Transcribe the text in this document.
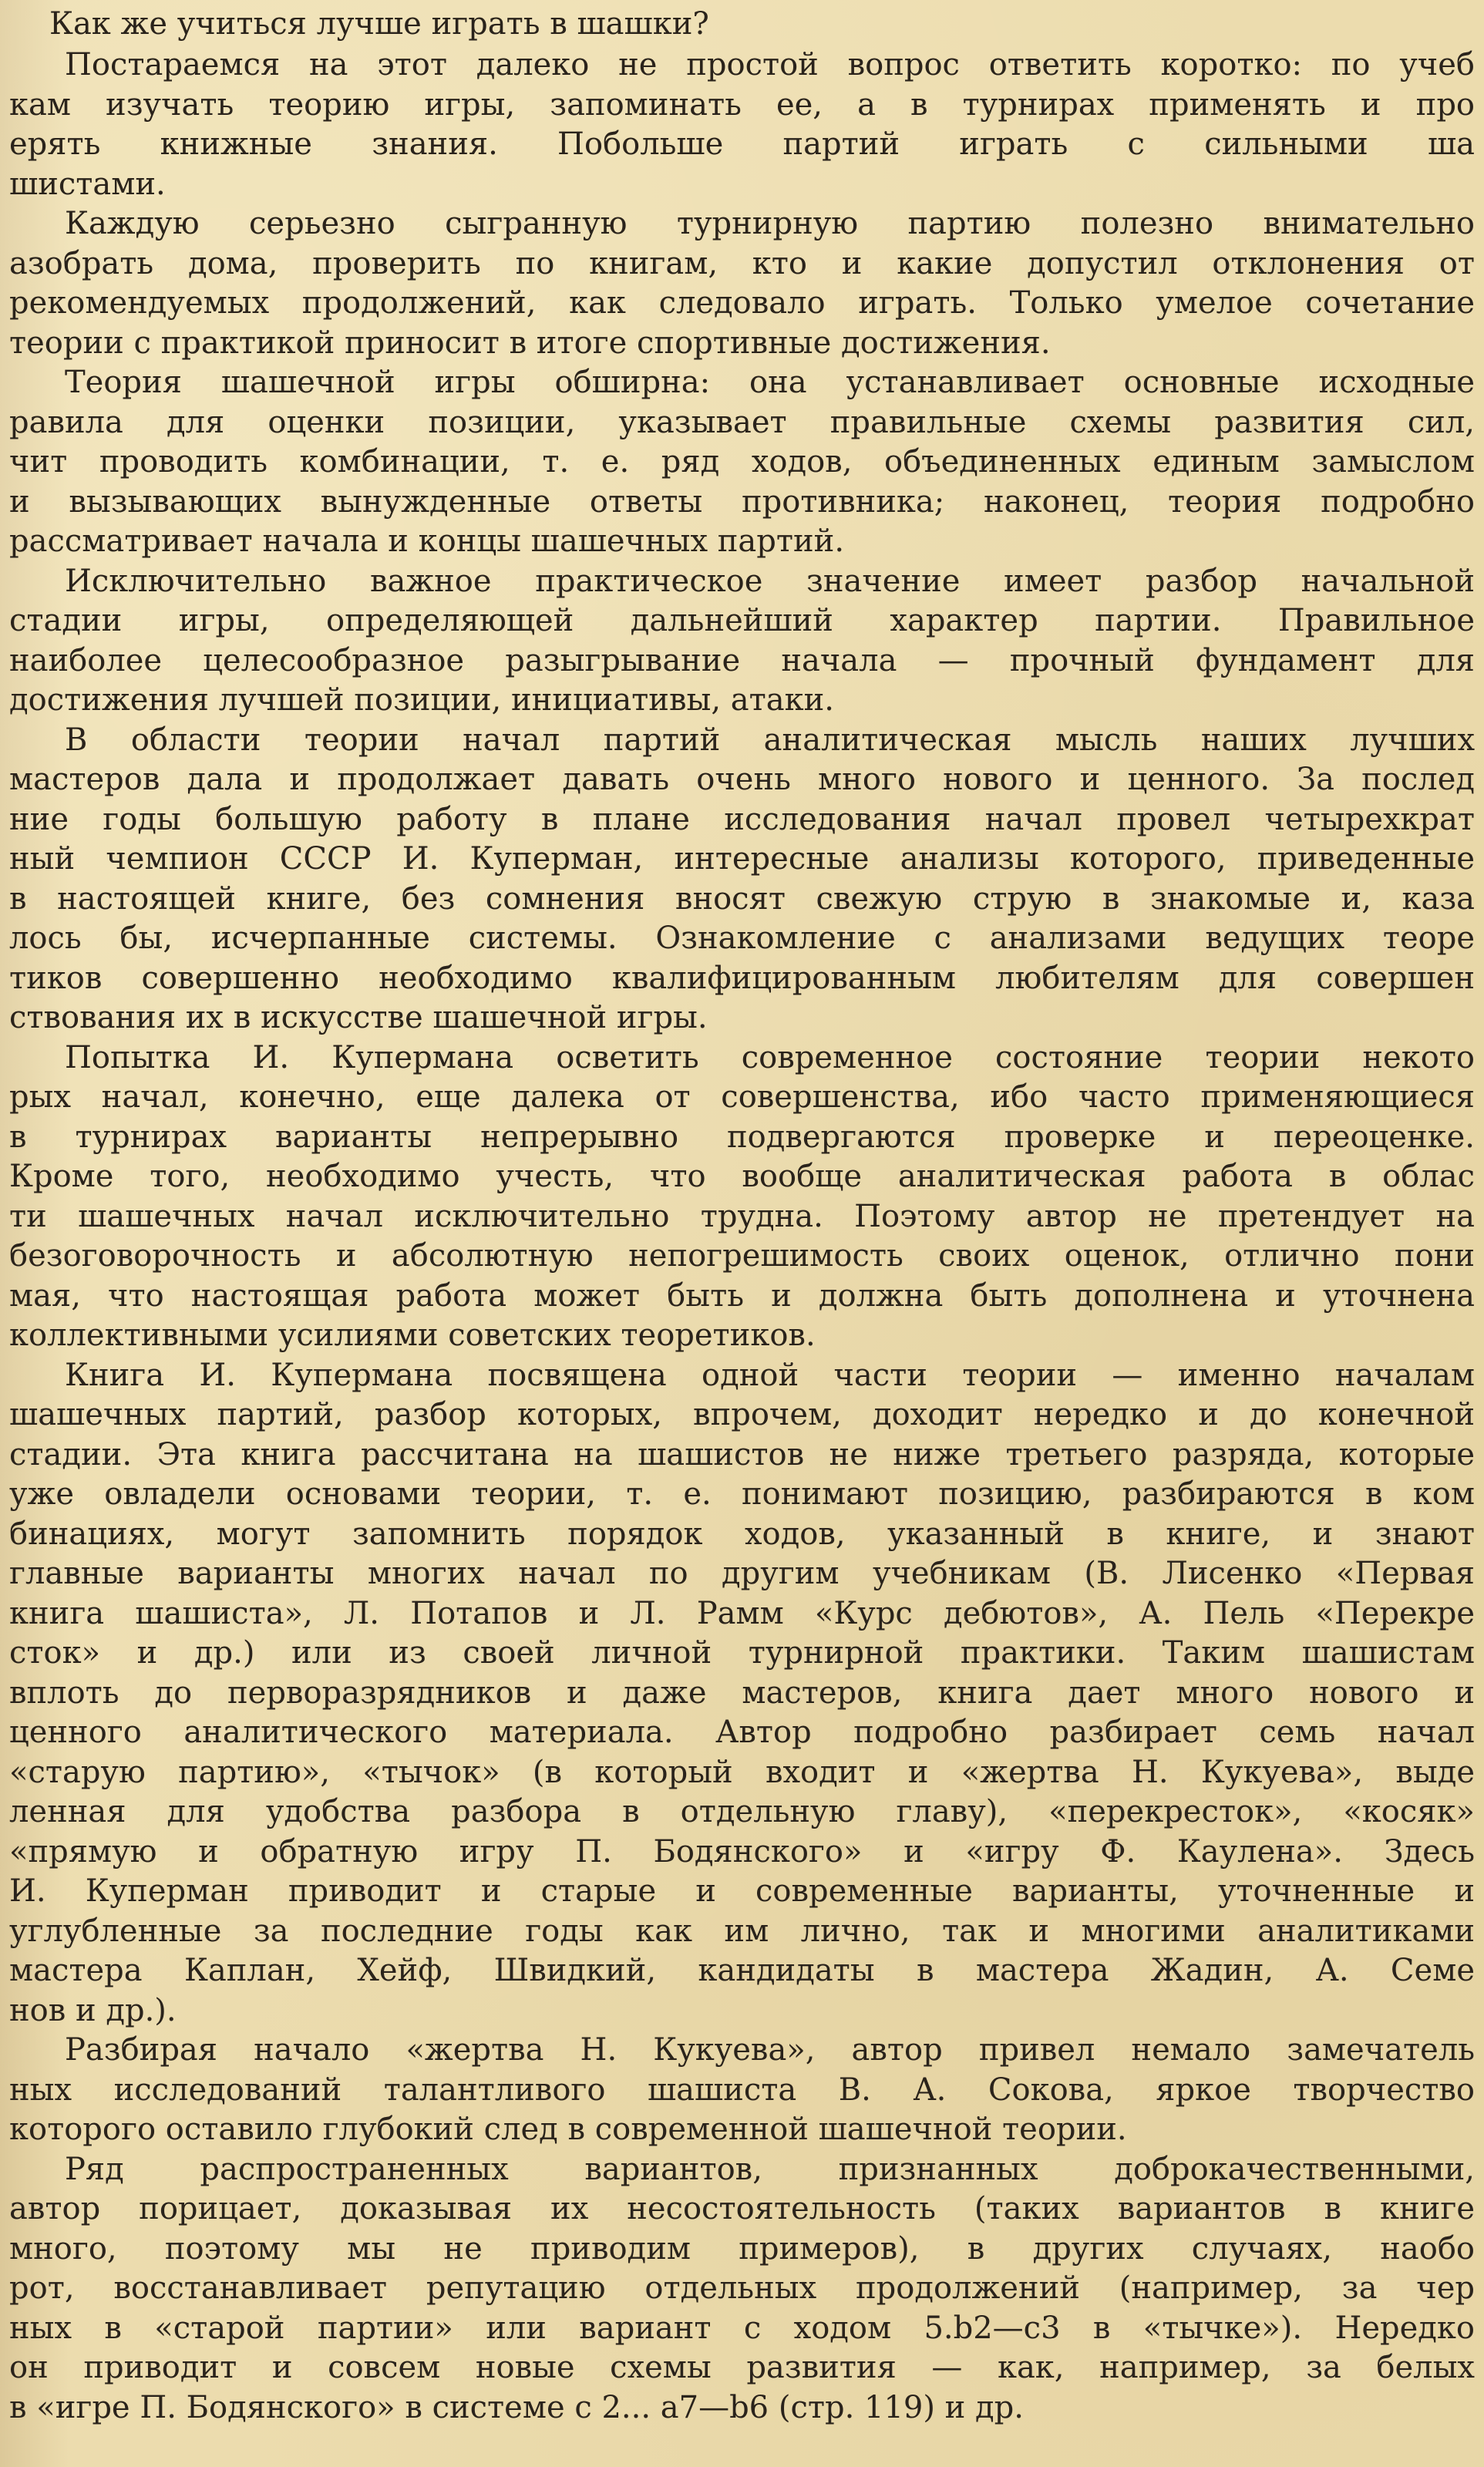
Как же учиться лучше играть в шашки?

Постараемся на этот далеко не простой вопрос ответить коротко: по учеб
кам изучать теорию игры, запоминать ее, а в турнирах применять и про
ерять книжные знания. Побольше партий играть с сильными ша
шистами.
Каждую серьезно сыгранную турнирную партию полезно внимательно
азобрать дома, проверить по книгам, кто и какие допустил отклонения от
рекомендуемых продолжений, как следовало играть. Только умелое сочетание
теории с практикой приносит в итоге спортивные достижения.
Теория шашечной игры обширна: она устанавливает основные исходные
равила для оценки позиции, указывает правильные схемы развития сил,
чит проводить комбинации, т. е. ряд ходов, объединенных единым замыслом
и вызывающих вынужденные ответы противника; наконец, теория подробно
рассматривает начала и концы шашечных партий.
Исключительно важное практическое значение имеет разбор начальной
стадии игры, определяющей дальнейший характер партии. Правильное
наиболее целесообразное разыгрывание начала — прочный фундамент для
достижения лучшей позиции, инициативы, атаки.
В области теории начал партий аналитическая мысль наших лучших
мастеров дала и продолжает давать очень много нового и ценного. За послед
ние годы большую работу в плане исследования начал провел четырехкрат
ный чемпион СССР И. Куперман, интересные анализы которого, приведенные
в настоящей книге, без сомнения вносят свежую струю в знакомые и, каза
лось бы, исчерпанные системы. Ознакомление с анализами ведущих теоре
тиков совершенно необходимо квалифицированным любителям для совершен
ствования их в искусстве шашечной игры.
Попытка И. Купермана осветить современное состояние теории некото
рых начал, конечно, еще далека от совершенства, ибо часто применяющиеся
в турнирах варианты непрерывно подвергаются проверке и переоценке.
Кроме того, необходимо учесть, что вообще аналитическая работа в облас
ти шашечных начал исключительно трудна. Поэтому автор не претендует на
безоговорочность и абсолютную непогрешимость своих оценок, отлично пони
мая, что настоящая работа может быть и должна быть дополнена и уточнена
коллективными усилиями советских теоретиков.
Книга И. Купермана посвящена одной части теории — именно началам
шашечных партий, разбор которых, впрочем, доходит нередко и до конечной
стадии. Эта книга рассчитана на шашистов не ниже третьего разряда, которые
уже овладели основами теории, т. е. понимают позицию, разбираются в ком
бинациях, могут запомнить порядок ходов, указанный в книге, и знают
главные варианты многих начал по другим учебникам (В. Лисенко «Первая
книга шашиста», Л. Потапов и Л. Рамм «Курс дебютов», А. Пель «Перекре
сток» и др.) или из своей личной турнирной практики. Таким шашистам
вплоть до перворазрядников и даже мастеров, книга дает много нового и
ценного аналитического материала. Автор подробно разбирает семь начал
«старую партию», «тычок» (в который входит и «жертва Н. Кукуева», выде
ленная для удобства разбора в отдельную главу), «перекресток», «косяк»
«прямую и обратную игру П. Бодянского» и «игру Ф. Каулена». Здесь
И. Куперман приводит и старые и современные варианты, уточненные и
углубленные за последние годы как им лично, так и многими аналитиками
мастера Каплан, Хейф, Швидкий, кандидаты в мастера Жадин, А. Семе
нов и др.).
Разбирая начало «жертва Н. Кукуева», автор привел немало замечатель
ных исследований талантливого шашиста В. А. Сокова, яркое творчество
которого оставило глубокий след в современной шашечной теории.
Ряд распространенных вариантов, признанных доброкачественными,
автор порицает, доказывая их несостоятельность (таких вариантов в книге
много, поэтому мы не приводим примеров), в других случаях, наобо
рот, восстанавливает репутацию отдельных продолжений (например, за чер
ных в «старой партии» или вариант с ходом 5.b2—c3 в «тычке»). Нередко
он приводит и совсем новые схемы развития — как, например, за белых
в «игре П. Бодянского» в системе с 2... a7—b6 (стр. 119) и др.
